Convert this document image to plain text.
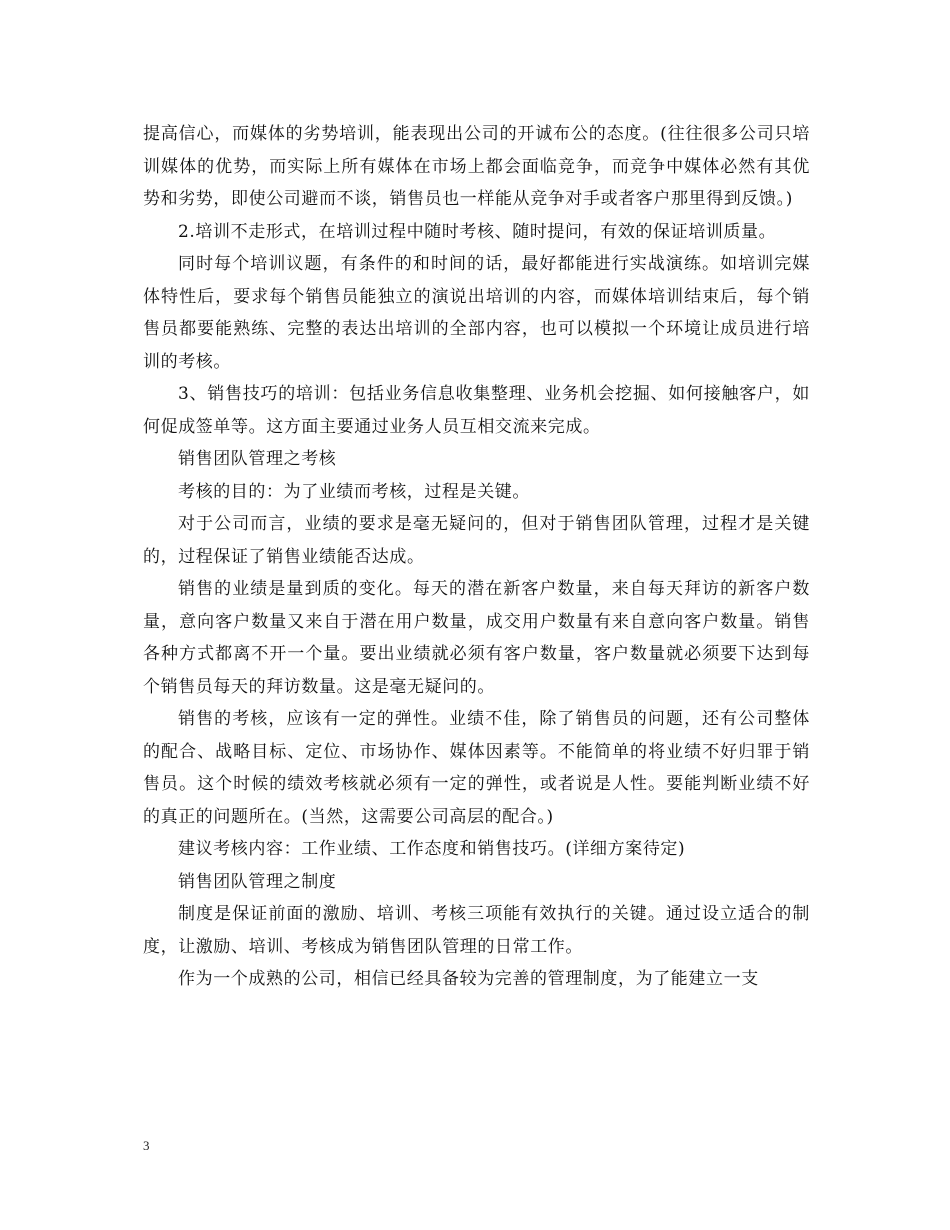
提高信心，而媒体的劣势培训，能表现出公司的开诚布公的态度。(往往很多公司只培训媒体的优势，而实际上所有媒体在市场上都会面临竞争，而竞争中媒体必然有其优势和劣势，即使公司避而不谈，销售员也一样能从竞争对手或者客户那里得到反馈。)

2.培训不走形式，在培训过程中随时考核、随时提问，有效的保证培训质量。

同时每个培训议题，有条件的和时间的话，最好都能进行实战演练。如培训完媒体特性后，要求每个销售员能独立的演说出培训的内容，而媒体培训结束后，每个销售员都要能熟练、完整的表达出培训的全部内容，也可以模拟一个环境让成员进行培训的考核。

3、销售技巧的培训：包括业务信息收集整理、业务机会挖掘、如何接触客户，如何促成签单等。这方面主要通过业务人员互相交流来完成。

销售团队管理之考核

考核的目的：为了业绩而考核，过程是关键。

对于公司而言，业绩的要求是毫无疑问的，但对于销售团队管理，过程才是关键的，过程保证了销售业绩能否达成。

销售的业绩是量到质的变化。每天的潜在新客户数量，来自每天拜访的新客户数量，意向客户数量又来自于潜在用户数量，成交用户数量有来自意向客户数量。销售各种方式都离不开一个量。要出业绩就必须有客户数量，客户数量就必须要下达到每个销售员每天的拜访数量。这是毫无疑问的。

销售的考核，应该有一定的弹性。业绩不佳，除了销售员的问题，还有公司整体的配合、战略目标、定位、市场协作、媒体因素等。不能简单的将业绩不好归罪于销售员。这个时候的绩效考核就必须有一定的弹性，或者说是人性。要能判断业绩不好的真正的问题所在。(当然，这需要公司高层的配合。)

建议考核内容：工作业绩、工作态度和销售技巧。(详细方案待定)

销售团队管理之制度

制度是保证前面的激励、培训、考核三项能有效执行的关键。通过设立适合的制度，让激励、培训、考核成为销售团队管理的日常工作。

作为一个成熟的公司，相信已经具备较为完善的管理制度，为了能建立一支

3
